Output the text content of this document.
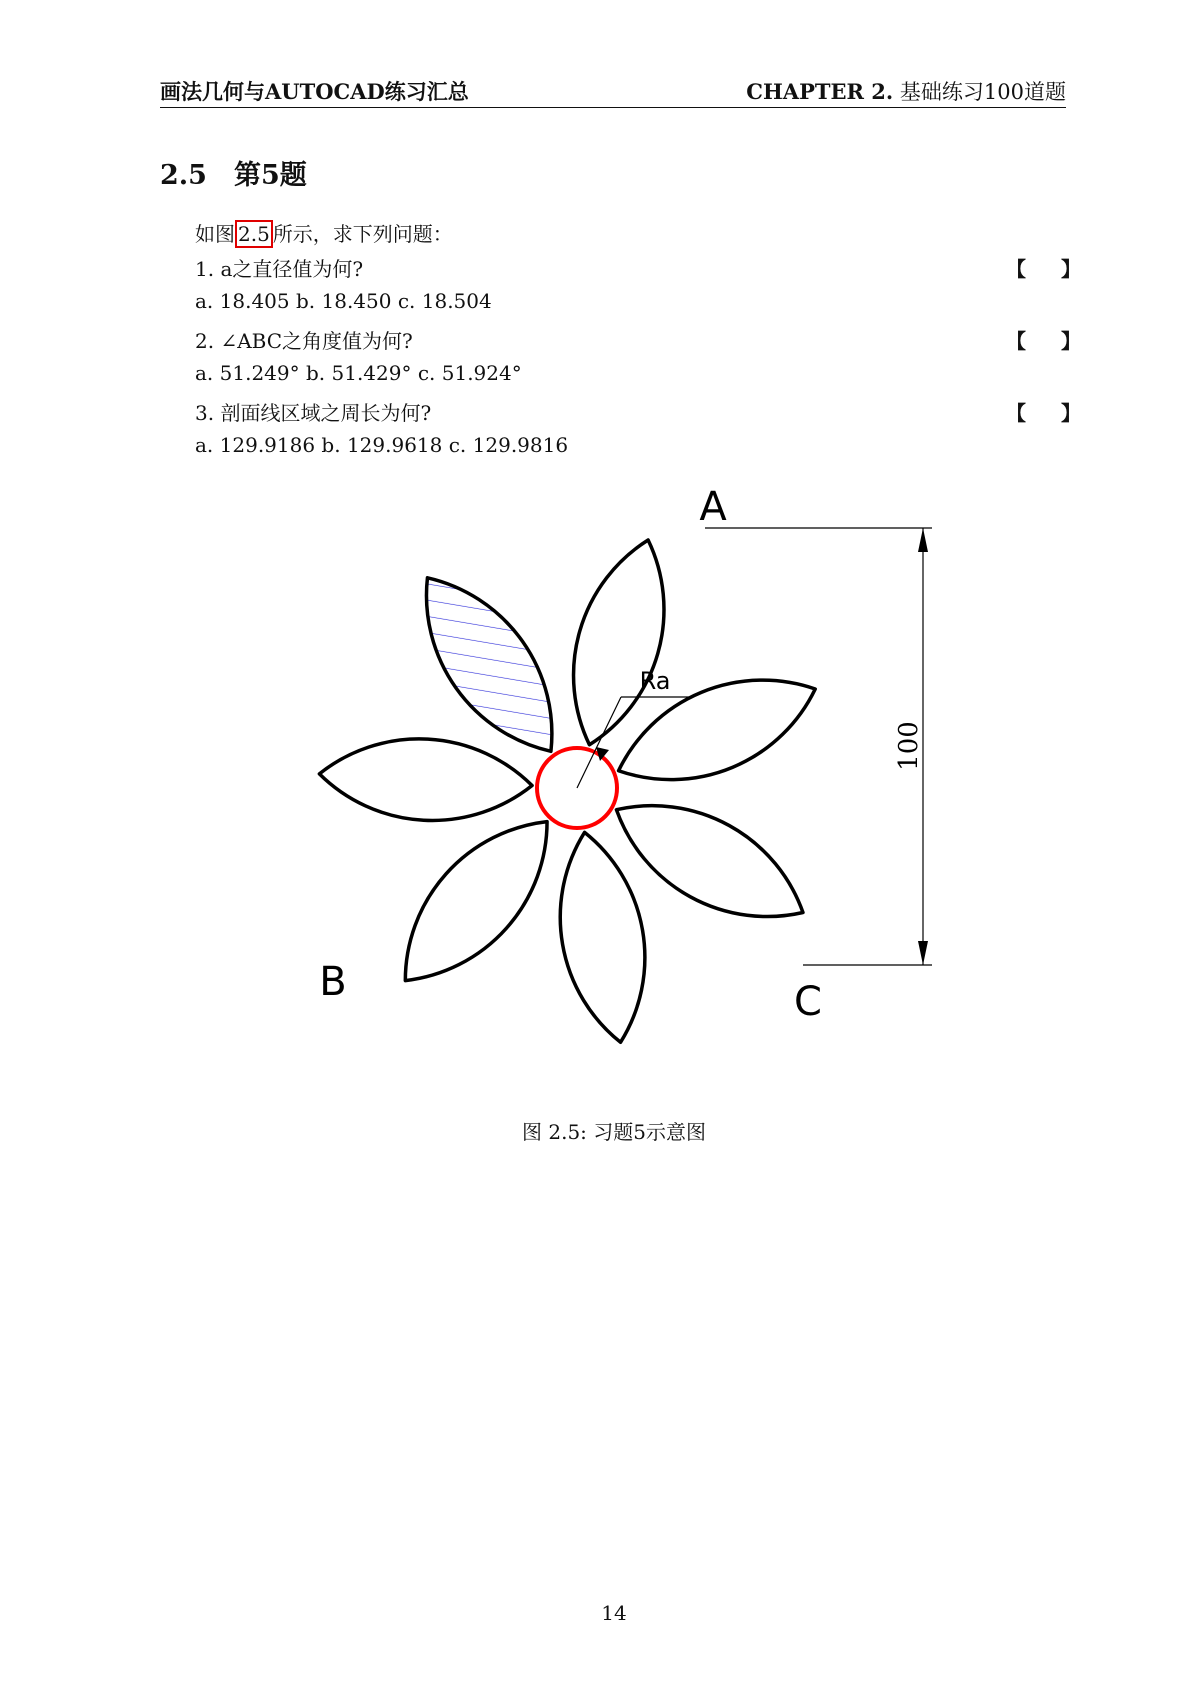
画法几何与AUTOCAD练习汇总	CHAPTER 2. 基础练习100道题
2.5 第5题
如图 2.5 所示，求下列问题：
1. a之直径值为何?	【 】
a. 18.405 b. 18.450 c. 18.504
2. ∠ABC之角度值为何?	【 】
a. 51.249° b. 51.429° c. 51.924°
3. 剖面线区域之周长为何?	【 】
a. 129.9186 b. 129.9618 c. 129.9816
Ra
100
A
B	C
图 2.5: 习题5示意图
14
